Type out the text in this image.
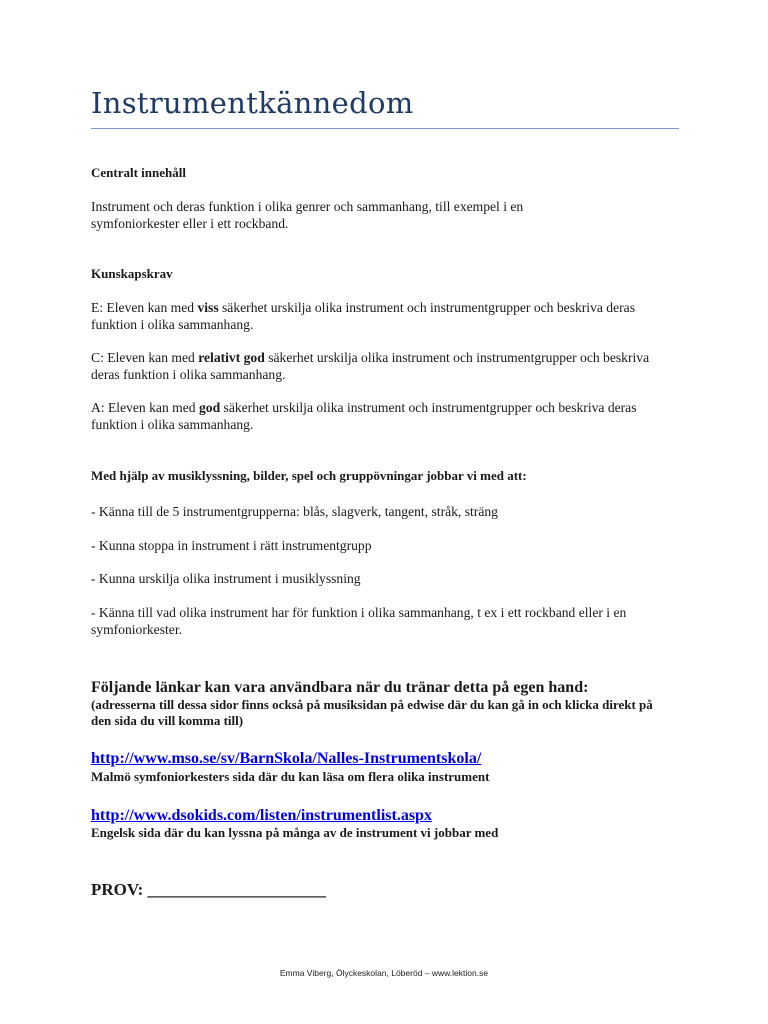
Instrumentkännedom
Centralt innehåll
Instrument och deras funktion i olika genrer och sammanhang, till exempel i en symfoniorkester eller i ett rockband.
Kunskapskrav
E: Eleven kan med viss säkerhet urskilja olika instrument och instrumentgrupper och beskriva deras funktion i olika sammanhang.
C: Eleven kan med relativt god säkerhet urskilja olika instrument och instrumentgrupper och beskriva deras funktion i olika sammanhang.
A: Eleven kan med god säkerhet urskilja olika instrument och instrumentgrupper och beskriva deras funktion i olika sammanhang.
Med hjälp av musiklyssning, bilder, spel och gruppövningar jobbar vi med att:
- Känna till de 5 instrumentgrupperna: blås, slagverk, tangent, stråk, sträng
- Kunna stoppa in instrument i rätt instrumentgrupp
- Kunna urskilja olika instrument i musiklyssning
- Känna till vad olika instrument har för funktion i olika sammanhang, t ex i ett rockband eller i en symfoniorkester.
Följande länkar kan vara användbara när du tränar detta på egen hand:
(adresserna till dessa sidor finns också på musiksidan på edwise där du kan gå in och klicka direkt på den sida du vill komma till)
http://www.mso.se/sv/BarnSkola/Nalles-Instrumentskola/
Malmö symfoniorkesters sida där du kan läsa om flera olika instrument
http://www.dsokids.com/listen/instrumentlist.aspx
Engelsk sida där du kan lyssna på många av de instrument vi jobbar med
PROV: _____________________
Emma Viberg, Ölyckeskolan, Löberöd – www.lektion.se
